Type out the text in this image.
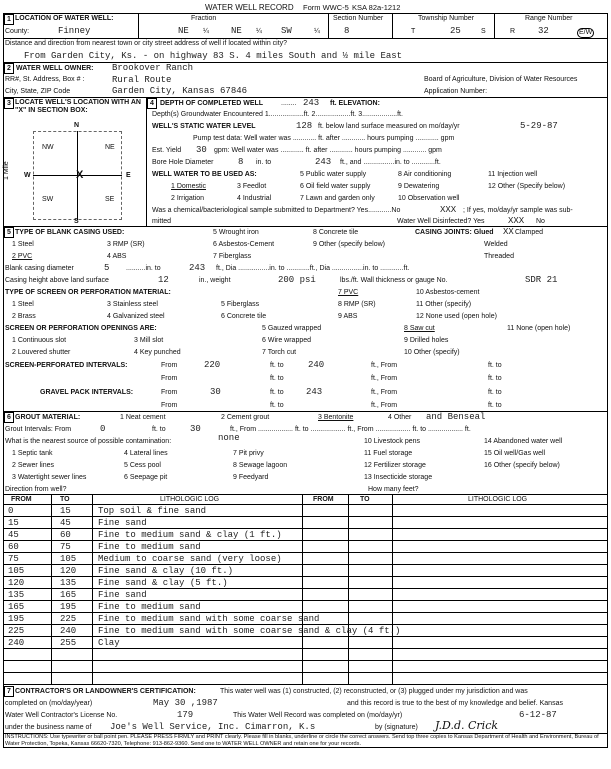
WATER WELL RECORD Form WWC-5 KSA 82a-1212
1 LOCATION OF WATER WELL:
County:	Finney
Fraction
NE ¼ NE ¼ SW	¼
Section Number
8
Township Number
T	25	S
Range Number
R	32	E/W
Distance and direction from nearest town or city street address of well if located within city?
From Garden City, Ks. - on highway 83 S. 4 miles South and ½ mile East
2 WATER WELL OWNER: Brookover Ranch
RR#, St. Address, Box # :	Rural Route	Board of Agriculture, Division of Water Resources
City, State, ZIP Code	Garden City, Kansas 67846	Application Number:
3 LOCATE WELL'S LOCATION WITH AN "X" IN SECTION BOX:
N
NW	NE
SW	SE
W	E
S
1 Mile	X
4 DEPTH OF COMPLETED WELL	........ 243 ft. ELEVATION:
Depth(s) Groundwater Encountered 1..................ft. 2..................ft. 3..................ft.
WELL'S STATIC WATER LEVEL	128 ft. below land surface measured on mo/day/yr	5-29-87
Pump test data: Well water was ............ ft. after ............ hours pumping ............ gpm
Est. Yield 30 gpm: Well water was ............ ft. after ............ hours pumping ............ gpm
Bore Hole Diameter	8 in. to	243 ft., and ................in. to ............ft.
WELL WATER TO BE USED AS:	5 Public water supply	8 Air conditioning	11 Injection well
1 Domestic	3 Feedlot	6 Oil field water supply	9 Dewatering	12 Other (Specify below)
2 Irrigation	4 Industrial	7 Lawn and garden only	10 Observation well
Was a chemical/bacteriological sample submitted to Department? Yes............No	XXX ; If yes, mo/day/yr sample was sub-
mitted	Water Well Disinfected? Yes	XXX No
5 TYPE OF BLANK CASING USED:	5 Wrought iron	8 Concrete tile	CASING JOINTS: Glued XX Clamped
1 Steel	3 RMP (SR)	6 Asbestos-Cement	9 Other (specify below)	Welded
2 PVC	4 ABS	7 Fiberglass	Threaded
Blank casing diameter	5 ..........in. to	243 ft., Dia ................in. to ............ft., Dia ................in. to ............ft.
Casing height above land surface	12	in., weight	200 psi	lbs./ft. Wall thickness or gauge No.	SDR 21
TYPE OF SCREEN OR PERFORATION MATERIAL:	7 PVC	10 Asbestos-cement
1 Steel	3 Stainless steel	5 Fiberglass	8 RMP (SR)	11 Other (specify)
2 Brass	4 Galvanized steel	6 Concrete tile	9 ABS	12 None used (open hole)
SCREEN OR PERFORATION OPENINGS ARE:	5 Gauzed wrapped	8 Saw cut	11 None (open hole)
1 Continuous slot	3 Mill slot	6 Wire wrapped	9 Drilled holes
2 Louvered shutter	4 Key punched	7 Torch cut	10 Other (specify)
SCREEN-PERFORATED INTERVALS:	From	220	ft. to	240	ft., From	ft. to
From	ft. to	ft., From	ft. to
GRAVEL PACK INTERVALS:	From	30	ft. to 243	ft., From	ft. to
From	ft. to	ft., From	ft. to
6 GROUT MATERIAL:	1 Neat cement	2 Cement grout	3 Bentonite	4 Other and Benseal
Grout Intervals: From	0	ft. to	30	ft., From .................. ft. to .................. ft., From .................. ft. to .................. ft.
What is the nearest source of possible contamination:	none	10 Livestock pens	14 Abandoned water well
1 Septic tank	4 Lateral lines	7 Pit privy	11 Fuel storage	15 Oil well/Gas well
2 Sewer lines	5 Cess pool	8 Sewage lagoon	12 Fertilizer storage	16 Other (specify below)
3 Watertight sewer lines	6 Seepage pit	9 Feedyard	13 Insecticide storage
Direction from well?	How many feet?
FROM	TO	LITHOLOGIC LOG	FROM	TO	LITHOLOGIC LOG
0	15	Top soil & fine sand
15	45	Fine sand
45	60	Fine to medium sand & clay (1 ft.)
60	75	Fine to medium sand
75	105 Medium to coarse sand (very loose)
105	120 Fine sand & clay (10 ft.)
120	135 Fine sand & clay (5 ft.)
135	165 Fine sand
165	195 Fine to medium sand
195	225 Fine to medium sand with some coarse sand
225	240 Fine to medium sand with some coarse sand & clay (4 ft.)
240	255 Clay
7 CONTRACTOR'S OR LANDOWNER'S CERTIFICATION:	This water well was (1) constructed, (2) reconstructed, or (3) plugged under my jurisdiction and was
completed on (mo/day/year)	May 30 ,1987	and this record is true to the best of my knowledge and belief. Kansas
Water Well Contractor's License No.	179	This Water Well Record was completed on (mo/day/yr)	6-12-87
under the business name of Joe's Well Service, Inc. Cimarron, K.s	by (signature) J.D.d. Crick
INSTRUCTIONS: Use typewriter or ball point pen. PLEASE PRESS FIRMLY and PRINT clearly. Please fill in blanks, underline or circle the correct answers. Send top three copies to Kansas Department of Health and Environment, Bureau of Water Protection, Topeka, Kansas 66620-7320, Telephone: 913-862-9360. Send one to WATER WELL OWNER and retain one for your records.
